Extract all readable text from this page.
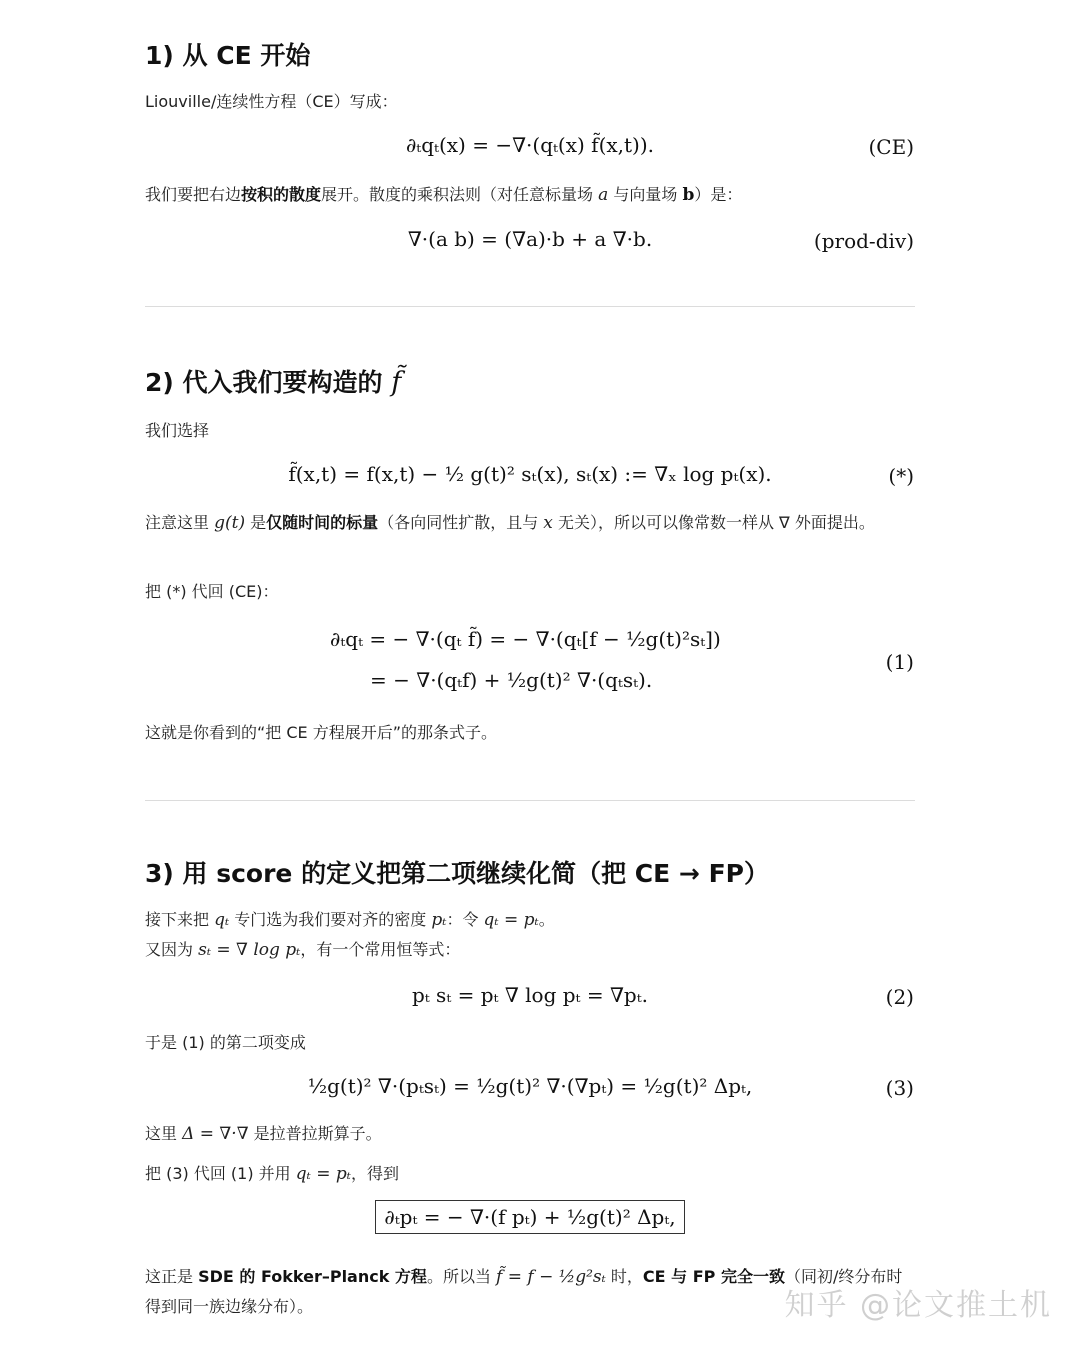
1) 从 CE 开始
Liouville/连续性方程（CE）写成：
∂ₜqₜ(x) = −∇·(qₜ(x) f̃(x,t)).	(CE)
我们要把右边按积的散度展开。散度的乘积法则（对任意标量场 a 与向量场 b）是：
∇·(a b) = (∇a)·b + a ∇·b.	(prod-div)
2) 代入我们要构造的 f̃
我们选择
f̃(x,t) = f(x,t) − ½ g(t)² sₜ(x), sₜ(x) := ∇ₓ log pₜ(x).	(*)
注意这里 g(t) 是仅随时间的标量（各向同性扩散，且与 x 无关），所以可以像常数一样从 ∇ 外面提出。
把 (*) 代回 (CE)：
∂ₜqₜ = − ∇·(qₜ f̃) = − ∇·(qₜ[f − ½g(t)²sₜ])
= − ∇·(qₜf) + ½g(t)² ∇·(qₜsₜ).
(1)
这就是你看到的“把 CE 方程展开后”的那条式子。
3) 用 score 的定义把第二项继续化简（把 CE → FP）
接下来把 qₜ 专门选为我们要对齐的密度 pₜ：令 qₜ = pₜ。
又因为 sₜ = ∇ log pₜ，有一个常用恒等式：
pₜ sₜ = pₜ ∇ log pₜ = ∇pₜ.	(2)
于是 (1) 的第二项变成
½g(t)² ∇·(pₜsₜ) = ½g(t)² ∇·(∇pₜ) = ½g(t)² Δpₜ,	(3)
这里 Δ = ∇·∇ 是拉普拉斯算子。
把 (3) 代回 (1) 并用 qₜ = pₜ，得到
∂ₜpₜ = − ∇·(f pₜ) + ½g(t)² Δpₜ,
这正是 SDE 的 Fokker–Planck 方程。所以当 f̃ = f − ½g²sₜ 时，CE 与 FP 完全一致（同初/终分布时得到同一族边缘分布）。	知乎 @论文推土机
